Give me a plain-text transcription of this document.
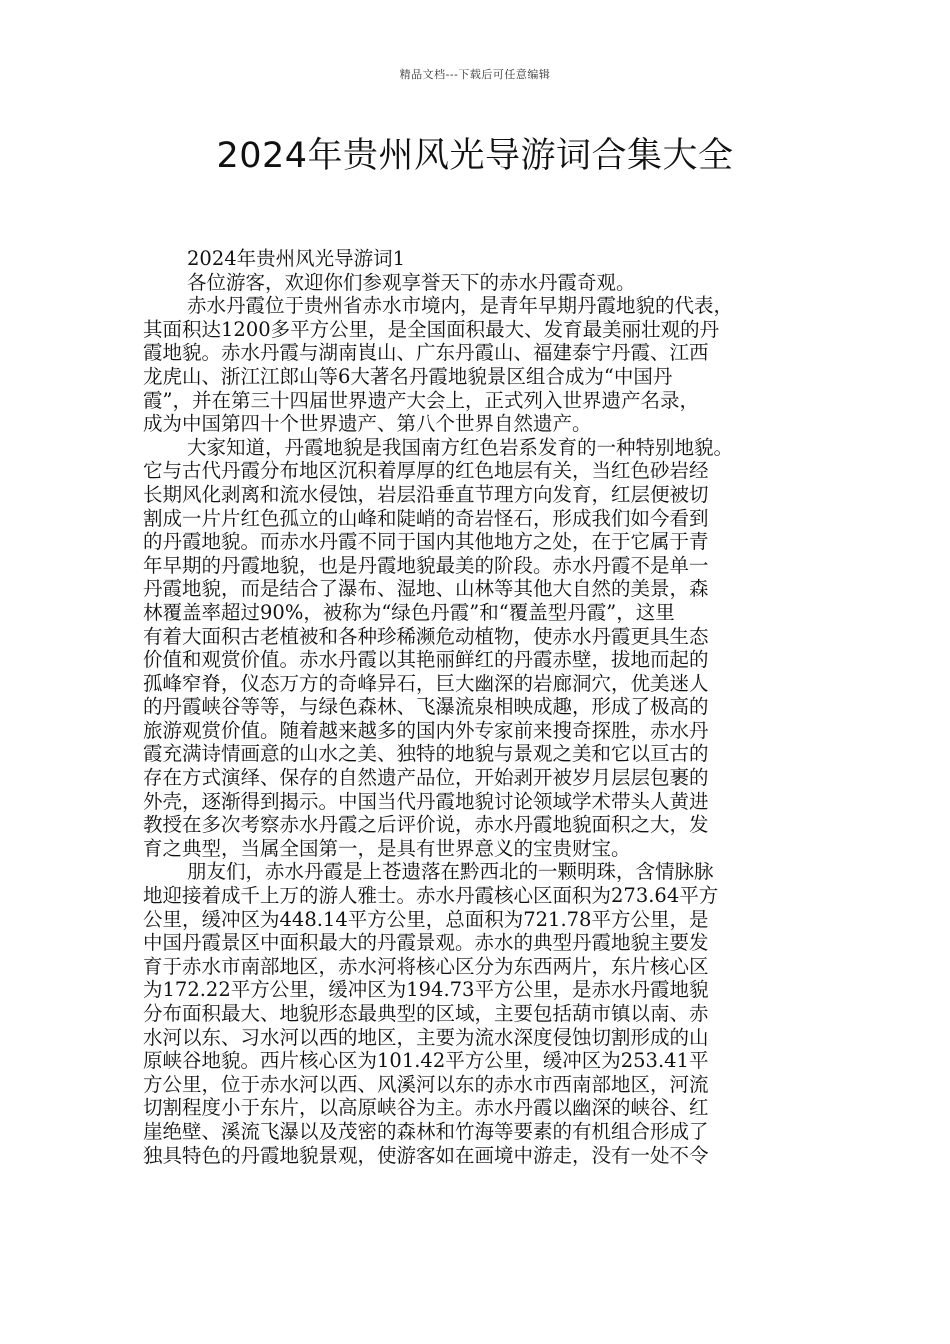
精品文档---下载后可任意编辑
2024年贵州风光导游词合集大全
2024年贵州风光导游词1
各位游客，欢迎你们参观享誉天下的赤水丹霞奇观。
赤水丹霞位于贵州省赤水市境内，是青年早期丹霞地貌的代表，
其面积达1200多平方公里，是全国面积最大、发育最美丽壮观的丹
霞地貌。赤水丹霞与湖南崀山、广东丹霞山、福建泰宁丹霞、江西
龙虎山、浙江江郎山等6大著名丹霞地貌景区组合成为“中国丹
霞”，并在第三十四届世界遗产大会上，正式列入世界遗产名录，
成为中国第四十个世界遗产、第八个世界自然遗产。
大家知道，丹霞地貌是我国南方红色岩系发育的一种特别地貌。
它与古代丹霞分布地区沉积着厚厚的红色地层有关，当红色砂岩经
长期风化剥离和流水侵蚀，岩层沿垂直节理方向发育，红层便被切
割成一片片红色孤立的山峰和陡峭的奇岩怪石，形成我们如今看到
的丹霞地貌。而赤水丹霞不同于国内其他地方之处，在于它属于青
年早期的丹霞地貌，也是丹霞地貌最美的阶段。赤水丹霞不是单一
丹霞地貌，而是结合了瀑布、湿地、山林等其他大自然的美景，森
林覆盖率超过90%，被称为“绿色丹霞”和“覆盖型丹霞”，这里
有着大面积古老植被和各种珍稀濒危动植物，使赤水丹霞更具生态
价值和观赏价值。赤水丹霞以其艳丽鲜红的丹霞赤壁，拔地而起的
孤峰窄脊，仪态万方的奇峰异石，巨大幽深的岩廊洞穴，优美迷人
的丹霞峡谷等等，与绿色森林、飞瀑流泉相映成趣，形成了极高的
旅游观赏价值。随着越来越多的国内外专家前来搜奇探胜，赤水丹
霞充满诗情画意的山水之美、独特的地貌与景观之美和它以亘古的
存在方式演绎、保存的自然遗产品位，开始剥开被岁月层层包裹的
外壳，逐渐得到揭示。中国当代丹霞地貌讨论领域学术带头人黄进
教授在多次考察赤水丹霞之后评价说，赤水丹霞地貌面积之大，发
育之典型，当属全国第一，是具有世界意义的宝贵财宝。
朋友们，赤水丹霞是上苍遗落在黔西北的一颗明珠，含情脉脉
地迎接着成千上万的游人雅士。赤水丹霞核心区面积为273.64平方
公里，缓冲区为448.14平方公里，总面积为721.78平方公里，是
中国丹霞景区中面积最大的丹霞景观。赤水的典型丹霞地貌主要发
育于赤水市南部地区，赤水河将核心区分为东西两片，东片核心区
为172.22平方公里，缓冲区为194.73平方公里，是赤水丹霞地貌
分布面积最大、地貌形态最典型的区域，主要包括葫市镇以南、赤
水河以东、习水河以西的地区，主要为流水深度侵蚀切割形成的山
原峡谷地貌。西片核心区为101.42平方公里，缓冲区为253.41平
方公里，位于赤水河以西、风溪河以东的赤水市西南部地区，河流
切割程度小于东片，以高原峡谷为主。赤水丹霞以幽深的峡谷、红
崖绝壁、溪流飞瀑以及茂密的森林和竹海等要素的有机组合形成了
独具特色的丹霞地貌景观，使游客如在画境中游走，没有一处不令
